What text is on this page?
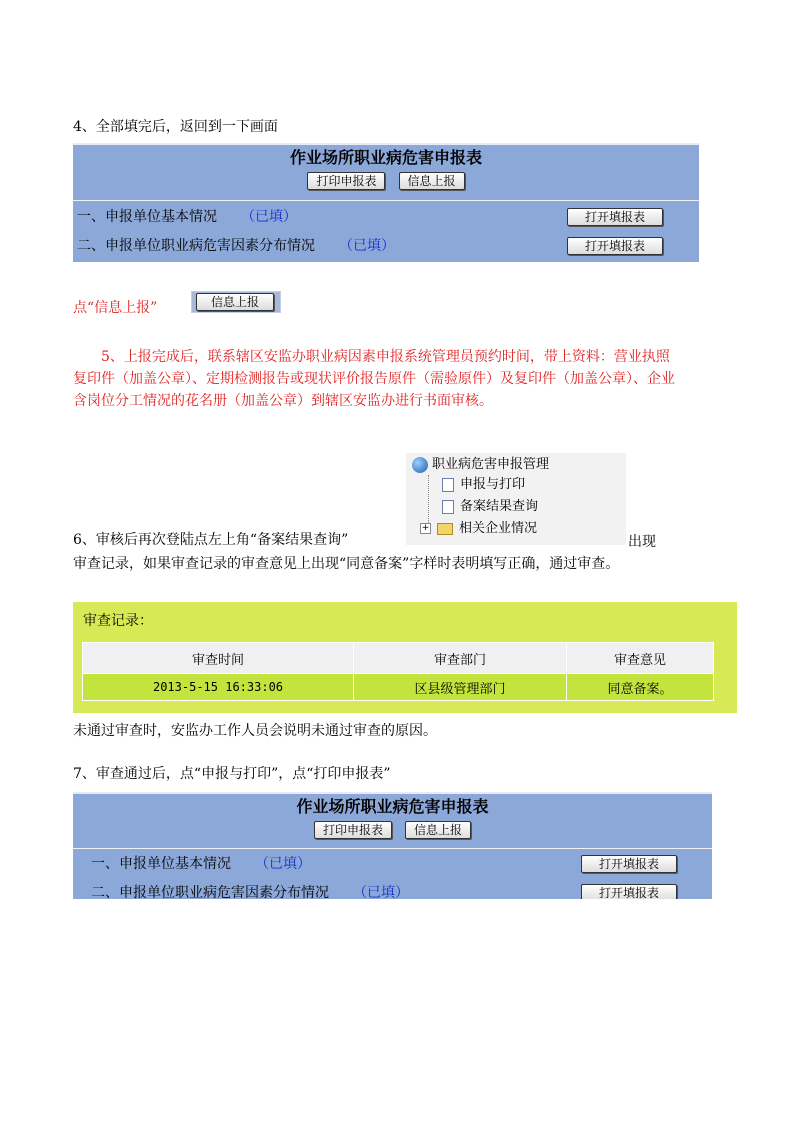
4、全部填完后，返回到一下画面
作业场所职业病危害申报表
打印申报表	信息上报
一、申报单位基本情况 （已填）	打开填报表
二、申报单位职业病危害因素分布情况 （已填）	打开填报表
点“信息上报”	信息上报
5、上报完成后，联系辖区安监办职业病因素申报系统管理员预约时间，带上资料：营业执照复印件（加盖公章）、定期检测报告或现状评价报告原件（需验原件）及复印件（加盖公章）、企业含岗位分工情况的花名册（加盖公章）到辖区安监办进行书面审核。
职业病危害申报管理
申报与打印
备案结果查询
+ 相关企业情况
6、审核后再次登陆点左上角“备案结果查询”	出现
审查记录，如果审查记录的审查意见上出现“同意备案”字样时表明填写正确，通过审查。
审查记录：
审查时间	审查部门	审查意见
2013-5-15 16:33:06	区县级管理部门	同意备案。
未通过审查时，安监办工作人员会说明未通过审查的原因。
7、审查通过后，点“申报与打印”，点“打印申报表”
作业场所职业病危害申报表
打印申报表	信息上报
一、申报单位基本情况 （已填）	打开填报表
二、申报单位职业病危害因素分布情况 （已填）	打开填报表
